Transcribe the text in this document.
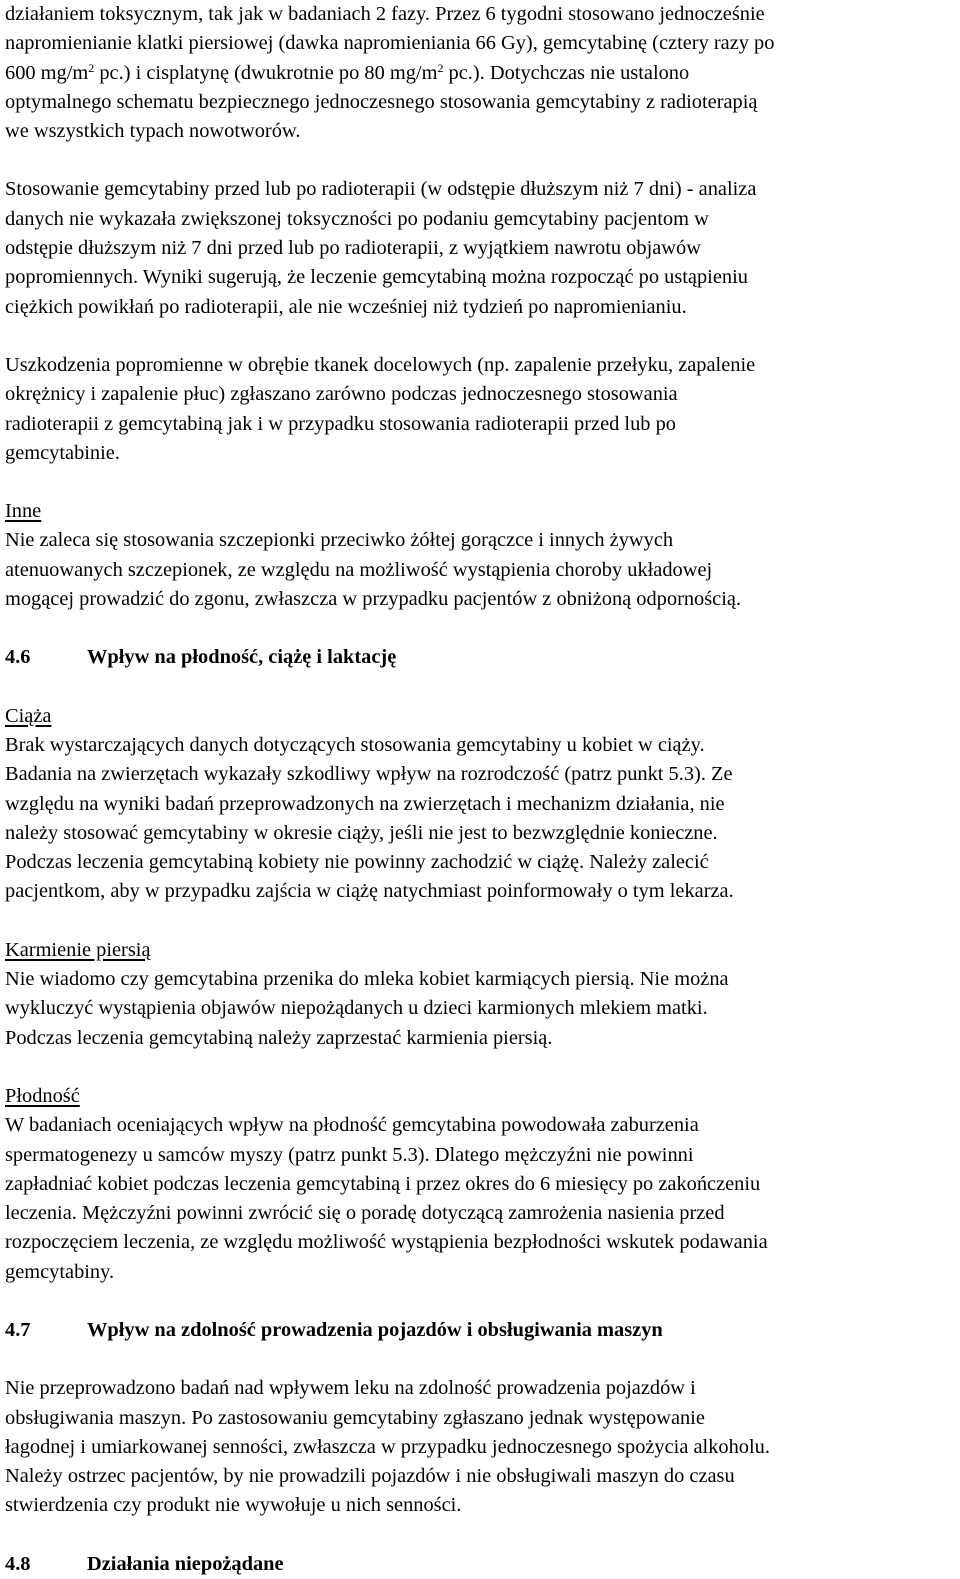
działaniem toksycznym, tak jak w badaniach 2 fazy. Przez 6 tygodni stosowano jednocześnie
napromienianie klatki piersiowej (dawka napromieniania 66 Gy), gemcytabinę (cztery razy po
600 $mg/m^2$ pc.) i cisplatynę (dwukrotnie po 80 $mg/m^2$ pc.). Dotychczas nie ustalono
optymalnego schematu bezpiecznego jednoczesnego stosowania gemcytabiny z radioterapią
we wszystkich typach nowotworów.

Stosowanie gemcytabiny przed lub po radioterapii (w odstępie dłuższym niż 7 dni) - analiza
danych nie wykazała zwiększonej toksyczności po podaniu gemcytabiny pacjentom w
odstępie dłuższym niż 7 dni przed lub po radioterapii, z wyjątkiem nawrotu objawów
popromiennych. Wyniki sugerują, że leczenie gemcytabiną można rozpocząć po ustąpieniu
ciężkich powikłań po radioterapii, ale nie wcześniej niż tydzień po napromienianiu.

Uszkodzenia popromienne w obrębie tkanek docelowych (np. zapalenie przełyku, zapalenie
okrężnicy i zapalenie płuc) zgłaszano zarówno podczas jednoczesnego stosowania
radioterapii z gemcytabiną jak i w przypadku stosowania radioterapii przed lub po
gemcytabinie.

Inne
Nie zaleca się stosowania szczepionki przeciwko żółtej gorączce i innych żywych
atenuowanych szczepionek, ze względu na możliwość wystąpienia choroby układowej
mogącej prowadzić do zgonu, zwłaszcza w przypadku pacjentów z obniżoną odpornością.

4.6	Wpływ na płodność, ciążę i laktację

Ciąża
Brak wystarczających danych dotyczących stosowania gemcytabiny u kobiet w ciąży.
Badania na zwierzętach wykazały szkodliwy wpływ na rozrodczość (patrz punkt 5.3). Ze
względu na wyniki badań przeprowadzonych na zwierzętach i mechanizm działania, nie
należy stosować gemcytabiny w okresie ciąży, jeśli nie jest to bezwzględnie konieczne.
Podczas leczenia gemcytabiną kobiety nie powinny zachodzić w ciążę. Należy zalecić
pacjentkom, aby w przypadku zajścia w ciążę natychmiast poinformowały o tym lekarza.

Karmienie piersią
Nie wiadomo czy gemcytabina przenika do mleka kobiet karmiących piersią. Nie można
wykluczyć wystąpienia objawów niepożądanych u dzieci karmionych mlekiem matki.
Podczas leczenia gemcytabiną należy zaprzestać karmienia piersią.

Płodność
W badaniach oceniających wpływ na płodność gemcytabina powodowała zaburzenia
spermatogenezy u samców myszy (patrz punkt 5.3). Dlatego mężczyźni nie powinni
zapładniać kobiet podczas leczenia gemcytabiną i przez okres do 6 miesięcy po zakończeniu
leczenia. Mężczyźni powinni zwrócić się o poradę dotyczącą zamrożenia nasienia przed
rozpoczęciem leczenia, ze względu możliwość wystąpienia bezpłodności wskutek podawania
gemcytabiny.

4.7	Wpływ na zdolność prowadzenia pojazdów i obsługiwania maszyn

Nie przeprowadzono badań nad wpływem leku na zdolność prowadzenia pojazdów i
obsługiwania maszyn. Po zastosowaniu gemcytabiny zgłaszano jednak występowanie
łagodnej i umiarkowanej senności, zwłaszcza w przypadku jednoczesnego spożycia alkoholu.
Należy ostrzec pacjentów, by nie prowadzili pojazdów i nie obsługiwali maszyn do czasu
stwierdzenia czy produkt nie wywołuje u nich senności.

4.8	Działania niepożądane
